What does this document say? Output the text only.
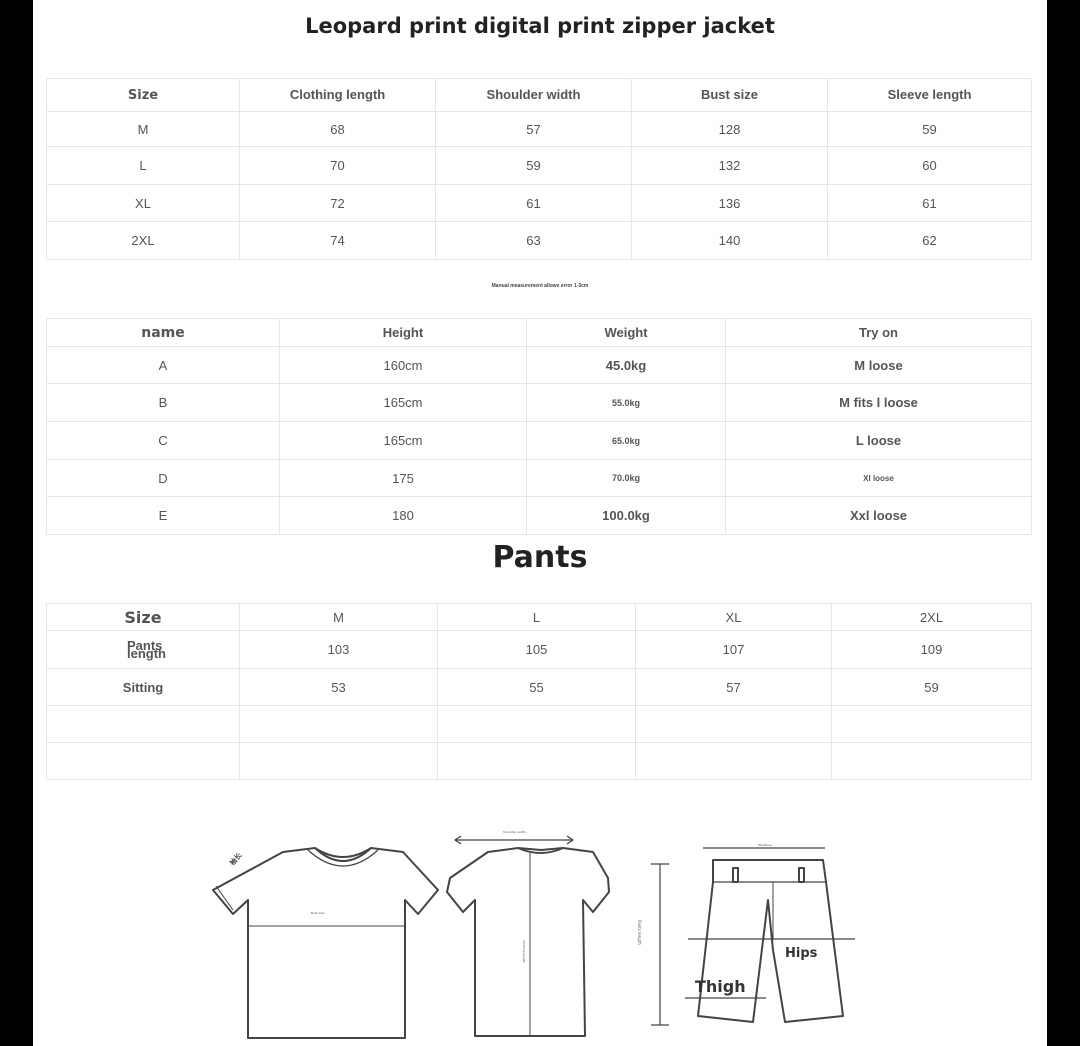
Leopard print digital print zipper jacket
Size	Clothing length	Shoulder width	Bust size	Sleeve length
M	68	57	128	59
L	70	59	132	60
XL	72	61	136	61
2XL	74	63	140	62
Manual measurement allows error 1-3cm
name	Height	Weight	Try on
A	160cm	45.0kg	M loose
B	165cm	55.0kg	M fits l loose
C	165cm	65.0kg	L loose
D	175	70.0kg	Xl loose
E	180	100.0kg	Xxl loose
Pants
Size	M	L	XL	2XL
Pants length	103	105	107	109
Sitting	53	55	57	59

袖长
Bust size
Shoulder width
Clothing length
Waistline
Pants length
Hips
Thigh
